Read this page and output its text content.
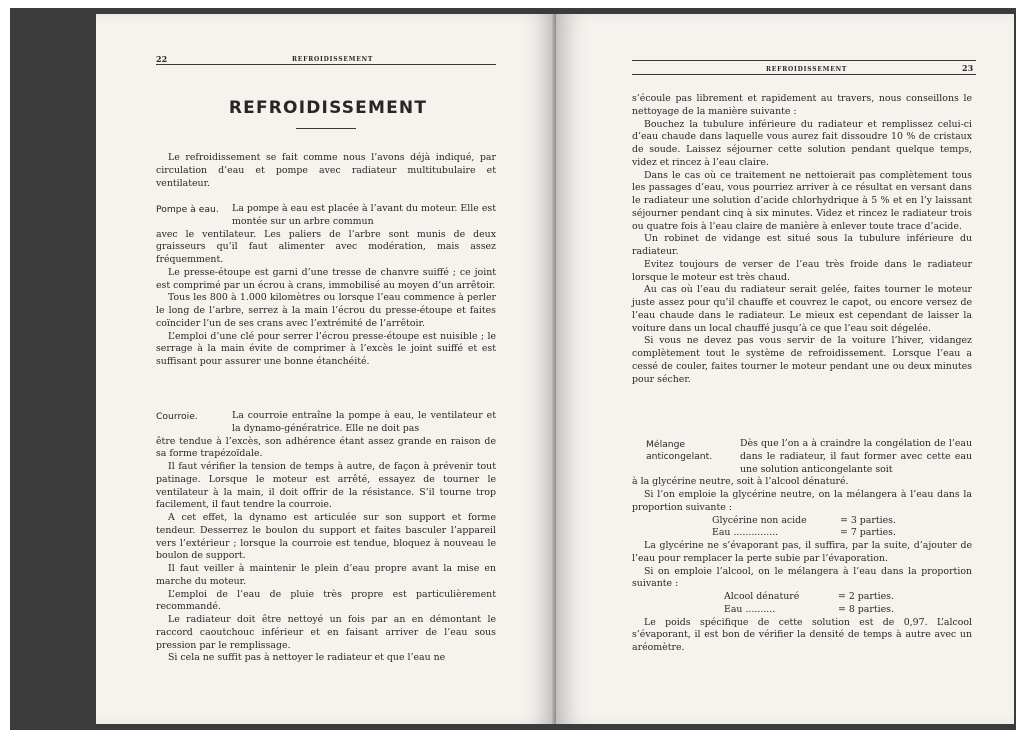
22	REFROIDISSEMENT
REFROIDISSEMENT

Le refroidissement se fait comme nous l’avons déjà indiqué, par circulation d’eau et pompe avec radiateur multitubulaire et ventilateur.

Pompe à eau. La pompe à eau est placée à l’avant du moteur. Elle est montée sur un arbre commun

avec le ventilateur. Les paliers de l’arbre sont munis de deux graisseurs qu’il faut alimenter avec modération, mais assez fréquemment.

Le presse-étoupe est garni d’une tresse de chanvre suiffé ; ce joint est comprimé par un écrou à crans, immobilisé au moyen d’un arrêtoir.

Tous les 800 à 1.000 kilomètres ou lorsque l’eau commence à perler le long de l’arbre, serrez à la main l’écrou du presse-étoupe et faites coïncider l’un de ses crans avec l’extrémité de l’arrêtoir.

L’emploi d’une clé pour serrer l’écrou presse-étoupe est nuisible ; le serrage à la main évite de comprimer à l’excès le joint suiffé et est suffisant pour assurer une bonne étanchéité.

Courroie.	La courroie entraîne la pompe à eau, le ventilateur et la dynamo-génératrice. Elle ne doit pas

être tendue à l’excès, son adhérence étant assez grande en raison de sa forme trapézoïdale.

Il faut vérifier la tension de temps à autre, de façon à prévenir tout patinage. Lorsque le moteur est arrêté, essayez de tourner le ventilateur à la main, il doit offrir de la résistance. S’il tourne trop facilement, il faut tendre la courroie.

A cet effet, la dynamo est articulée sur son support et forme tendeur. Desserrez le boulon du support et faites basculer l’appareil vers l’extérieur ; lorsque la courroie est tendue, bloquez à nouveau le boulon de support.

Il faut veiller à maintenir le plein d’eau propre avant la mise en marche du moteur.

L’emploi de l’eau de pluie très propre est particulièrement recommandé.

Le radiateur doit être nettoyé un fois par an en démontant le raccord caoutchouc inférieur et en faisant arriver de l’eau sous pression par le remplissage.

Si cela ne suffit pas à nettoyer le radiateur et que l’eau ne

REFROIDISSEMENT	23

s’écoule pas librement et rapidement au travers, nous conseillons le nettoyage de la manière suivante :

Bouchez la tubulure inférieure du radiateur et remplissez celui-ci d’eau chaude dans laquelle vous aurez fait dissoudre 10 % de cristaux de soude. Laissez séjourner cette solution pendant quelque temps, videz et rincez à l’eau claire.

Dans le cas où ce traitement ne nettoierait pas complètement tous les passages d’eau, vous pourriez arriver à ce résultat en versant dans le radiateur une solution d’acide chlorhydrique à 5 % et en l’y laissant séjourner pendant cinq à six minutes. Videz et rincez le radiateur trois ou quatre fois à l’eau claire de manière à enlever toute trace d’acide.

Un robinet de vidange est situé sous la tubulure inférieure du radiateur.

Evitez toujours de verser de l’eau très froide dans le radiateur lorsque le moteur est très chaud.

Au cas où l’eau du radiateur serait gelée, faites tourner le moteur juste assez pour qu’il chauffe et couvrez le capot, ou encore versez de l’eau chaude dans le radiateur. Le mieux est cependant de laisser la voiture dans un local chauffé jusqu’à ce que l’eau soit dégelée.

Si vous ne devez pas vous servir de la voiture l’hiver, vidangez complètement tout le système de refroidissement. Lorsque l’eau a cessé de couler, faites tourner le moteur pendant une ou deux minutes pour sécher.

Mélange
anticongelant.

Dès que l’on a à craindre la congélation de l’eau dans le radiateur, il faut former avec cette eau une solution anticongelante soit

à la glycérine neutre, soit à l’alcool dénaturé.

Si l’on emploie la glycérine neutre, on la mélangera à l’eau dans la proportion suivante :

Glycérine non acide	= 3 parties.
Eau ...............	= 7 parties.

La glycérine ne s’évaporant pas, il suffira, par la suite, d’ajouter de l’eau pour remplacer la perte subie par l’évaporation.

Si on emploie l’alcool, on le mélangera à l’eau dans la proportion suivante :

Alcool dénaturé	= 2 parties.
Eau ..........	= 8 parties.

Le poids spécifique de cette solution est de 0,97. L’alcool s’évaporant, il est bon de vérifier la densité de temps à autre avec un aréomètre.
